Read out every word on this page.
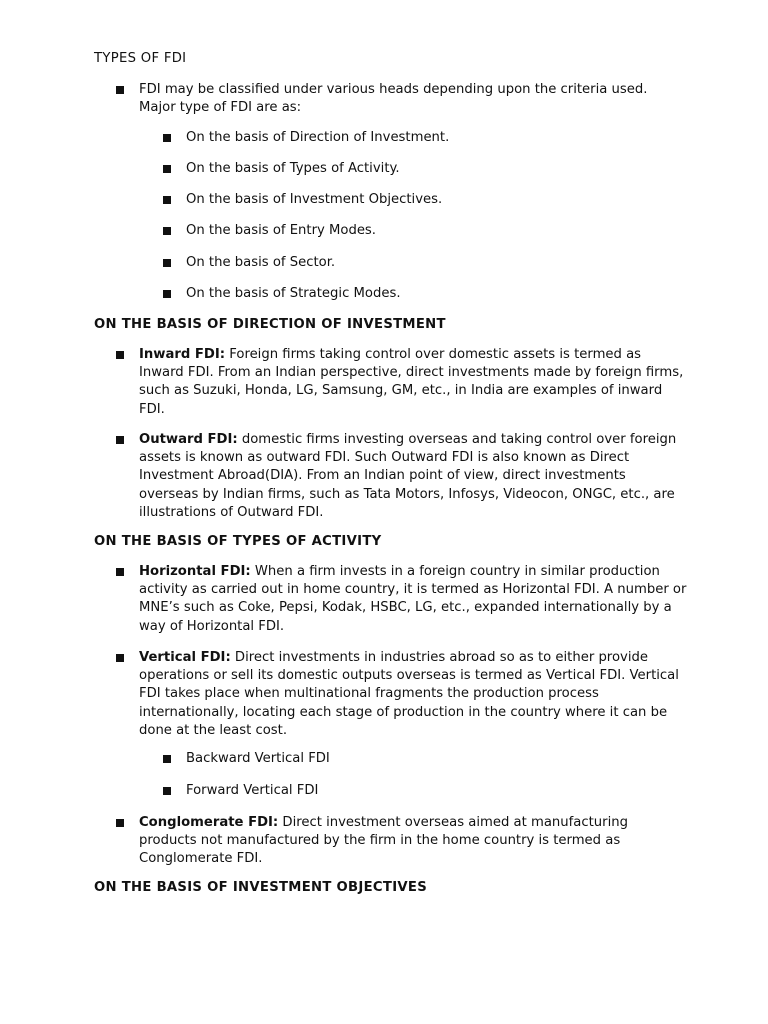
TYPES OF FDI
FDI may be classified under various heads depending upon the criteria used. Major type of FDI are as:
On the basis of Direction of Investment.
On the basis of Types of Activity.
On the basis of Investment Objectives.
On the basis of Entry Modes.
On the basis of Sector.
On the basis of Strategic Modes.
ON THE BASIS OF DIRECTION OF INVESTMENT
Inward FDI: Foreign firms taking control over domestic assets is termed as Inward FDI. From an Indian perspective, direct investments made by foreign firms, such as Suzuki, Honda, LG, Samsung, GM, etc., in India are examples of inward FDI.
Outward FDI: domestic firms investing overseas and taking control over foreign assets is known as outward FDI. Such Outward FDI is also known as Direct Investment Abroad(DIA). From an Indian point of view, direct investments overseas by Indian firms, such as Tata Motors, Infosys, Videocon, ONGC, etc., are illustrations of Outward FDI.
ON THE BASIS OF TYPES OF ACTIVITY
Horizontal FDI: When a firm invests in a foreign country in similar production activity as carried out in home country, it is termed as Horizontal FDI. A number or MNE’s such as Coke, Pepsi, Kodak, HSBC, LG, etc., expanded internationally by a way of Horizontal FDI.
Vertical FDI: Direct investments in industries abroad so as to either provide operations or sell its domestic outputs overseas is termed as Vertical FDI. Vertical FDI takes place when multinational fragments the production process internationally, locating each stage of production in the country where it can be done at the least cost.
Backward Vertical FDI
Forward Vertical FDI
Conglomerate FDI: Direct investment overseas aimed at manufacturing products not manufactured by the firm in the home country is termed as Conglomerate FDI.
ON THE BASIS OF INVESTMENT OBJECTIVES
